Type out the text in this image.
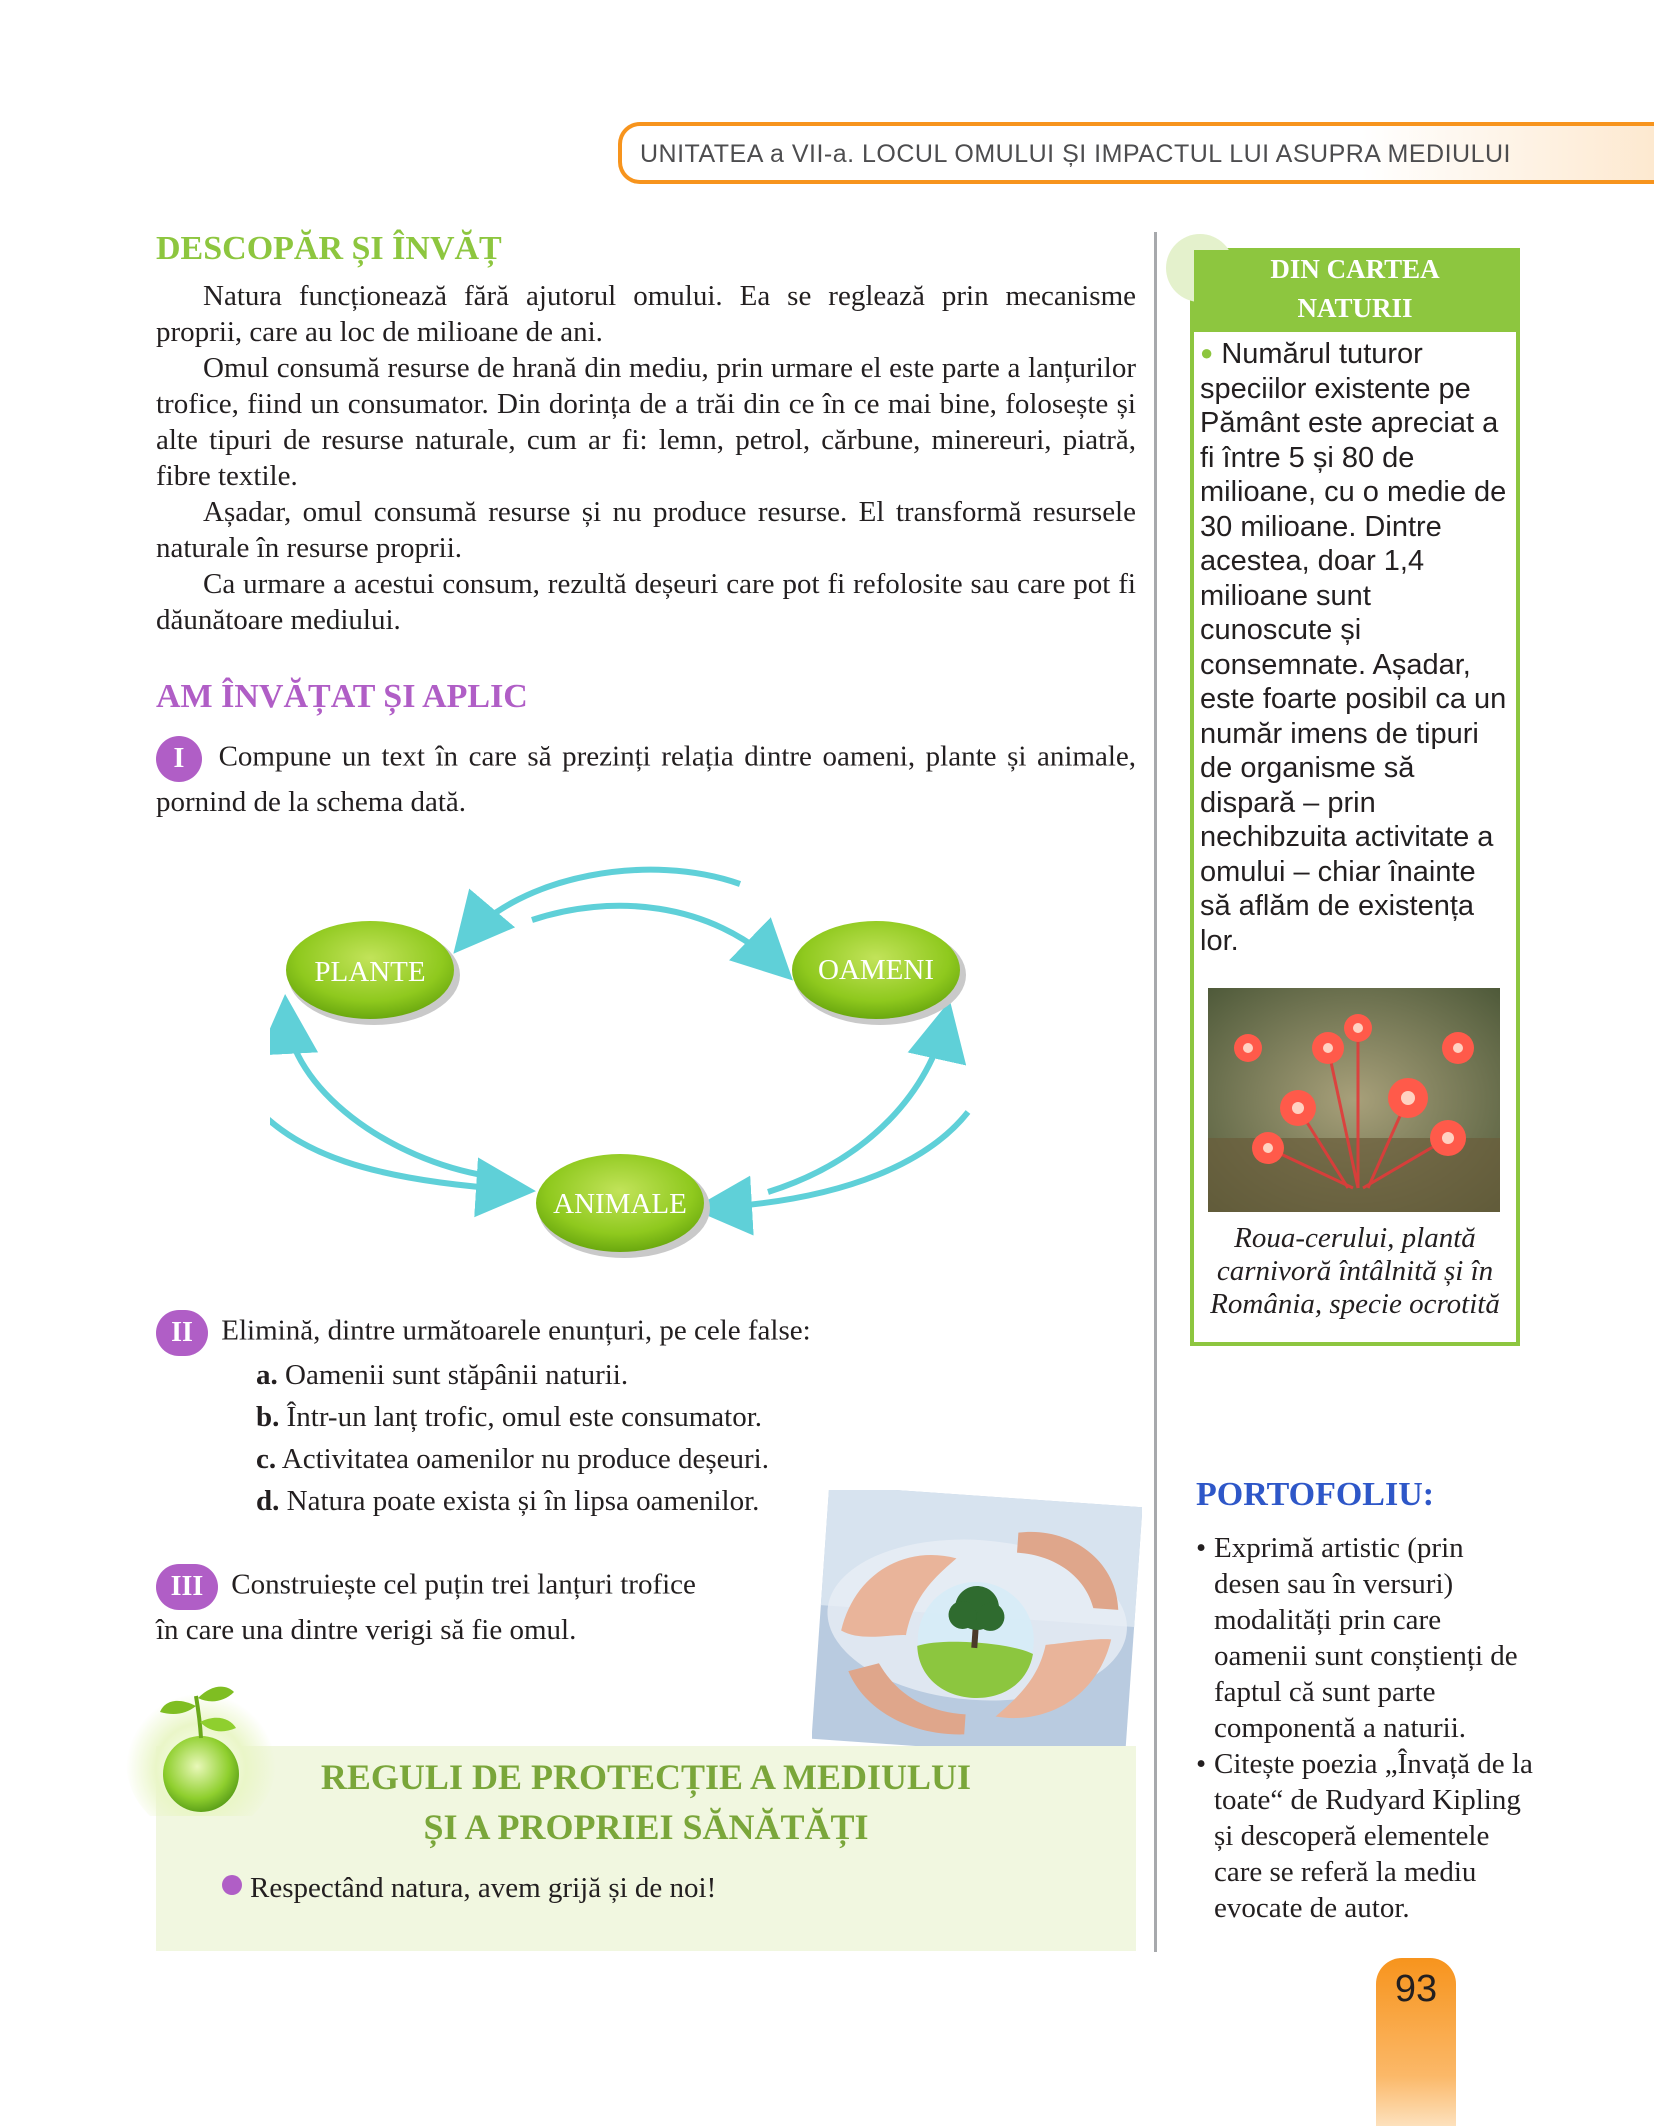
UNITATEA a VII-a. LOCUL OMULUI ȘI IMPACTUL LUI ASUPRA MEDIULUI
DESCOPĂR ȘI ÎNVĂȚ

Natura funcționează fără ajutorul omului. Ea se reglează prin mecanisme proprii, care au loc de milioane de ani.

Omul consumă resurse de hrană din mediu, prin urmare el este parte a lanțurilor trofice, fiind un consumator. Din dorința de a trăi din ce în ce mai bine, folosește și alte tipuri de resurse naturale, cum ar fi: lemn, petrol, cărbune, minereuri, piatră, fibre textile.

Așadar, omul consumă resurse și nu produce resurse. El transformă resursele naturale în resurse proprii.

Ca urmare a acestui consum, rezultă deșeuri care pot fi refolosite sau care pot fi dăunătoare mediului.

AM ÎNVĂȚAT ȘI APLIC
I Compune un text în care să prezinți relația dintre oameni, plante și animale, pornind de la schema dată.
PLANTE	OAMENI
ANIMALE
II Elimină, dintre următoarele enunțuri, pe cele false:
a. Oamenii sunt stăpânii naturii.
b. Într-un lanț trofic, omul este consumator.
c. Activitatea oamenilor nu produce deșeuri.
d. Natura poate exista și în lipsa oamenilor.
III Construiește cel puțin trei lanțuri trofice
în care una dintre verigi să fie omul.
REGULI DE PROTECȚIE A MEDIULUI
ȘI A PROPRIEI SĂNĂTĂȚI
Respectând natura, avem grijă și de noi!
DIN CARTEA
NATURII
● Numărul tuturor speciilor existente pe Pământ este apreciat a fi între 5 și 80 de milioane, cu o medie de 30 milioane. Dintre acestea, doar 1,4 milioane sunt cunoscute și consemnate. Așadar, este foarte posibil ca un număr imens de tipuri de organisme să dispară – prin nechibzuita activitate a omului – chiar înainte să aflăm de existența lor.
Roua-cerului, plantă carnivoră întâlnită și în România, specie ocrotită
PORTOFOLIU:
• Exprimă artistic (prin desen sau în versuri) modalități prin care oamenii sunt conștienți de faptul că sunt parte componentă a naturii.
• Citește poezia „Învață de la toate“ de Rudyard Kipling și descoperă elementele care se referă la mediu evocate de autor.
93
